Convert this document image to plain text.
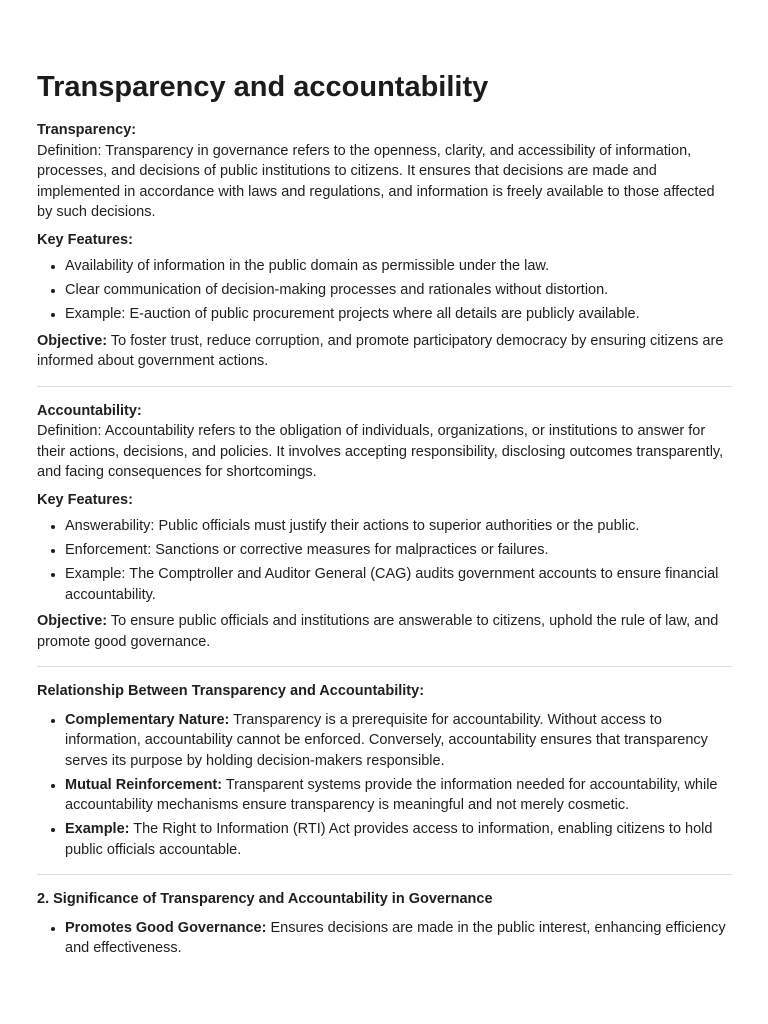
Transparency and accountability

Transparency:

Definition: Transparency in governance refers to the openness, clarity, and accessibility of information, processes, and decisions of public institutions to citizens. It ensures that decisions are made and implemented in accordance with laws and regulations, and information is freely available to those affected by such decisions.

Key Features:

• Availability of information in the public domain as permissible under the law.
• Clear communication of decision-making processes and rationales without distortion.
• Example: E-auction of public procurement projects where all details are publicly available.

Objective: To foster trust, reduce corruption, and promote participatory democracy by ensuring citizens are informed about government actions.

Accountability:

Definition: Accountability refers to the obligation of individuals, organizations, or institutions to answer for their actions, decisions, and policies. It involves accepting responsibility, disclosing outcomes transparently, and facing consequences for shortcomings.

Key Features:

• Answerability: Public officials must justify their actions to superior authorities or the public.
• Enforcement: Sanctions or corrective measures for malpractices or failures.
• Example: The Comptroller and Auditor General (CAG) audits government accounts to ensure financial accountability.

Objective: To ensure public officials and institutions are answerable to citizens, uphold the rule of law, and promote good governance.

Relationship Between Transparency and Accountability:

• Complementary Nature: Transparency is a prerequisite for accountability. Without access to information, accountability cannot be enforced. Conversely, accountability ensures that transparency serves its purpose by holding decision-makers responsible.
• Mutual Reinforcement: Transparent systems provide the information needed for accountability, while accountability mechanisms ensure transparency is meaningful and not merely cosmetic.
• Example: The Right to Information (RTI) Act provides access to information, enabling citizens to hold public officials accountable.

2. Significance of Transparency and Accountability in Governance

• Promotes Good Governance: Ensures decisions are made in the public interest, enhancing efficiency and effectiveness.
